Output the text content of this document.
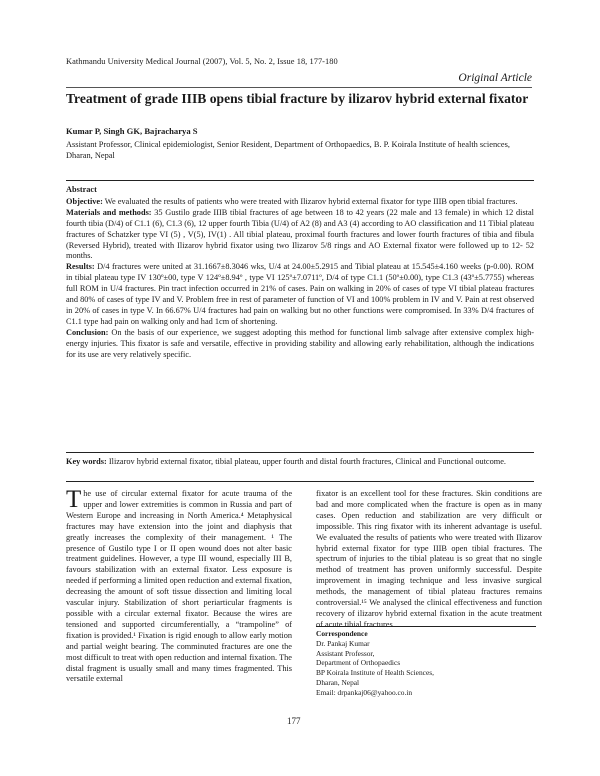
Kathmandu University Medical Journal (2007), Vol. 5, No. 2, Issue 18, 177-180
Original Article
Treatment of grade IIIB opens tibial fracture by ilizarov hybrid external fixator
Kumar P, Singh GK, Bajracharya S
Assistant Professor, Clinical epidemiologist, Senior Resident, Department of Orthopaedics, B. P. Koirala Institute of health sciences, Dharan, Nepal

Abstract

Objective: We evaluated the results of patients who were treated with Ilizarov hybrid external fixator for type IIIB open tibial fractures.

Materials and methods: 35 Gustilo grade IIIB tibial fractures of age between 18 to 42 years (22 male and 13 female) in which 12 distal fourth tibia (D/4) of C1.1 (6), C1.3 (6), 12 upper fourth Tibia (U/4) of A2 (8) and A3 (4) according to AO classification and 11 Tibial plateau fractures of Schatzker type VI (5) , V(5), IV(1) . All tibial plateau, proximal fourth fractures and lower fourth fractures of tibia and fibula (Reversed Hybrid), treated with Ilizarov hybrid fixator using two Ilizarov 5/8 rings and AO External fixator were followed up to 12- 52 months.

Results: D/4 fractures were united at 31.1667±8.3046 wks, U/4 at 24.00±5.2915 and Tibial plateau at 15.545±4.160 weeks (p-0.00). ROM in tibial plateau type IV 130º±00, type V 124º±8.94º , type VI 125º±7.0711º, D/4 of type C1.1 (50º±0.00), type C1.3 (43º±5.7755) whereas full ROM in U/4 fractures. Pin tract infection occurred in 21% of cases. Pain on walking in 20% of cases of type VI tibial plateau fractures and 80% of cases of type IV and V. Problem free in rest of parameter of function of VI and 100% problem in IV and V. Pain at rest observed in 20% of cases in type V. In 66.67% U/4 fractures had pain on walking but no other functions were compromised. In 33% D/4 fractures of C1.1 type had pain on walking only and had 1cm of shortening.

Conclusion: On the basis of our experience, we suggest adopting this method for functional limb salvage after extensive complex high-energy injuries. This fixator is safe and versatile, effective in providing stability and allowing early rehabilitation, although the indications for its use are very relatively specific.

Key words: Ilizarov hybrid external fixator, tibial plateau, upper fourth and distal fourth fractures, Clinical and Functional outcome.

The use of circular external fixator for acute trauma of the upper and lower extremities is common in Russia and part of Western Europe and increasing in North America.⁴ Metaphysical fractures may have extension into the joint and diaphysis that greatly increases the complexity of their management. ¹ The presence of Gustilo type I or II open wound does not alter basic treatment guidelines. However, a type III wound, especially III B, favours stabilization with an external fixator. Less exposure is needed if performing a limited open reduction and external fixation, decreasing the amount of soft tissue dissection and limiting local vascular injury. Stabilization of short periarticular fragments is possible with a circular external fixator. Because the wires are tensioned and supported circumferentially, a “trampoline” of fixation is provided.¹ Fixation is rigid enough to allow early motion and partial weight bearing. The comminuted fractures are one the most difficult to treat with open reduction and internal fixation. The distal fragment is usually small and many times fragmented. This versatile external

fixator is an excellent tool for these fractures. Skin conditions are bad and more complicated when the fracture is open as in many cases. Open reduction and stabilization are very difficult or impossible. This ring fixator with its inherent advantage is useful. We evaluated the results of patients who were treated with Ilizarov hybrid external fixator for type IIIB open tibial fractures. The spectrum of injuries to the tibial plateau is so great that no single method of treatment has proven uniformly successful. Despite improvement in imaging technique and less invasive surgical methods, the management of tibial plateau fractures remains controversial.¹⁵ We analysed the clinical effectiveness and function recovery of ilizarov hybrid external fixation in the acute treatment of acute tibial fractures.

Correspondence
Dr. Pankaj Kumar
Assistant Professor,
Department of Orthopaedics
BP Koirala Institute of Health Sciences,
Dharan, Nepal
Email: drpankaj06@yahoo.co.in
177
